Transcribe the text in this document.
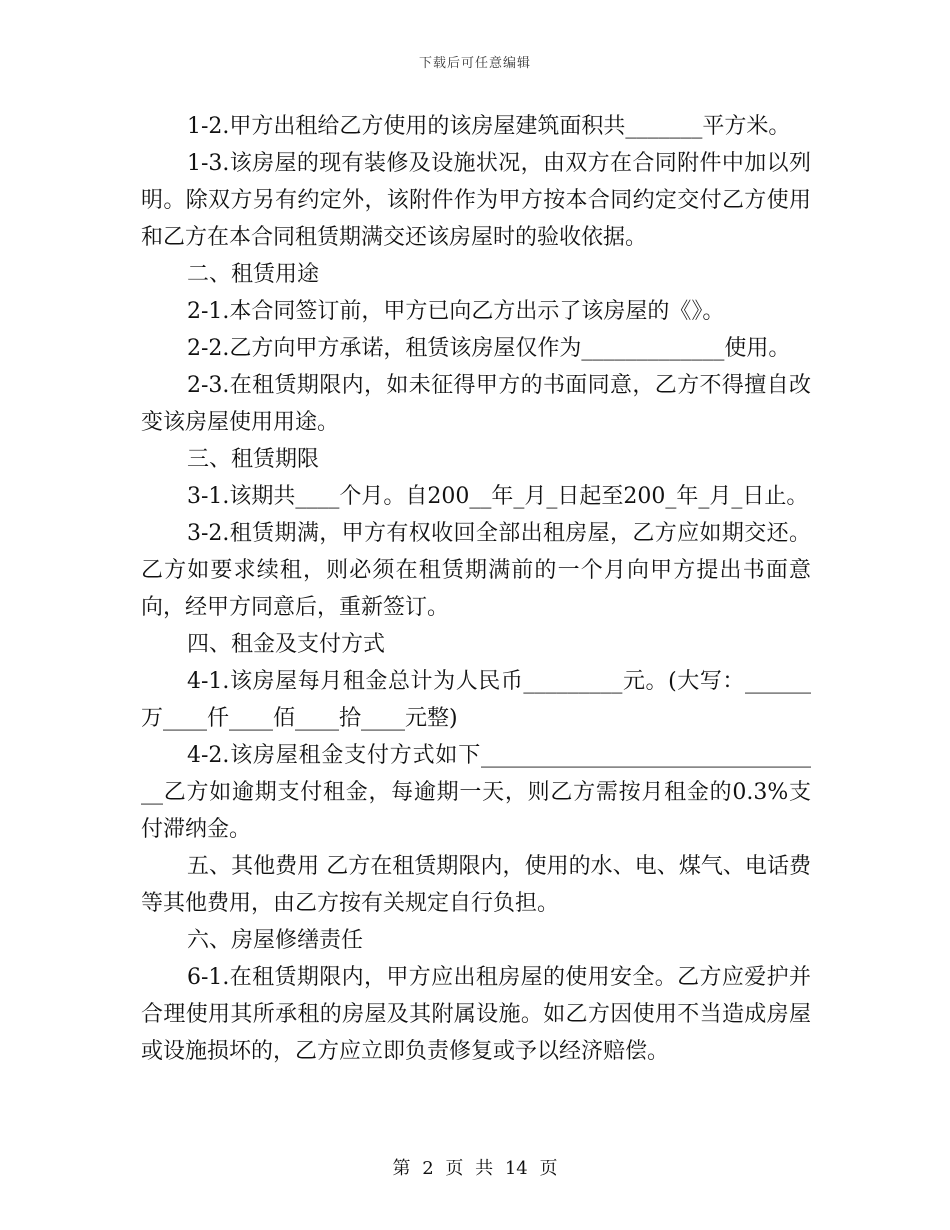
下载后可任意编辑

1-2.甲方出租给乙方使用的该房屋建筑面积共_______平方米。

1-3.该房屋的现有装修及设施状况，由双方在合同附件中加以列明。除双方另有约定外，该附件作为甲方按本合同约定交付乙方使用和乙方在本合同租赁期满交还该房屋时的验收依据。

二、租赁用途

2-1.本合同签订前，甲方已向乙方出示了该房屋的《》。

2-2.乙方向甲方承诺，租赁该房屋仅作为_____________使用。

2-3.在租赁期限内，如未征得甲方的书面同意，乙方不得擅自改变该房屋使用用途。

三、租赁期限

3-1.该期共____个月。自200__年_月_日起至200_年_月_日止。

3-2.租赁期满，甲方有权收回全部出租房屋，乙方应如期交还。乙方如要求续租，则必须在租赁期满前的一个月向甲方提出书面意向，经甲方同意后，重新签订。

四、租金及支付方式

4-1.该房屋每月租金总计为人民币_________元。(大写：______万____仟____佰____拾____元整)

4-2.该房屋租金支付方式如下________________________________乙方如逾期支付租金，每逾期一天，则乙方需按月租金的0.3%支付滞纳金。

五、其他费用 乙方在租赁期限内，使用的水、电、煤气、电话费等其他费用，由乙方按有关规定自行负担。

六、房屋修缮责任

6-1.在租赁期限内，甲方应出租房屋的使用安全。乙方应爱护并合理使用其所承租的房屋及其附属设施。如乙方因使用不当造成房屋或设施损坏的，乙方应立即负责修复或予以经济赔偿。

第 2 页 共 14 页
